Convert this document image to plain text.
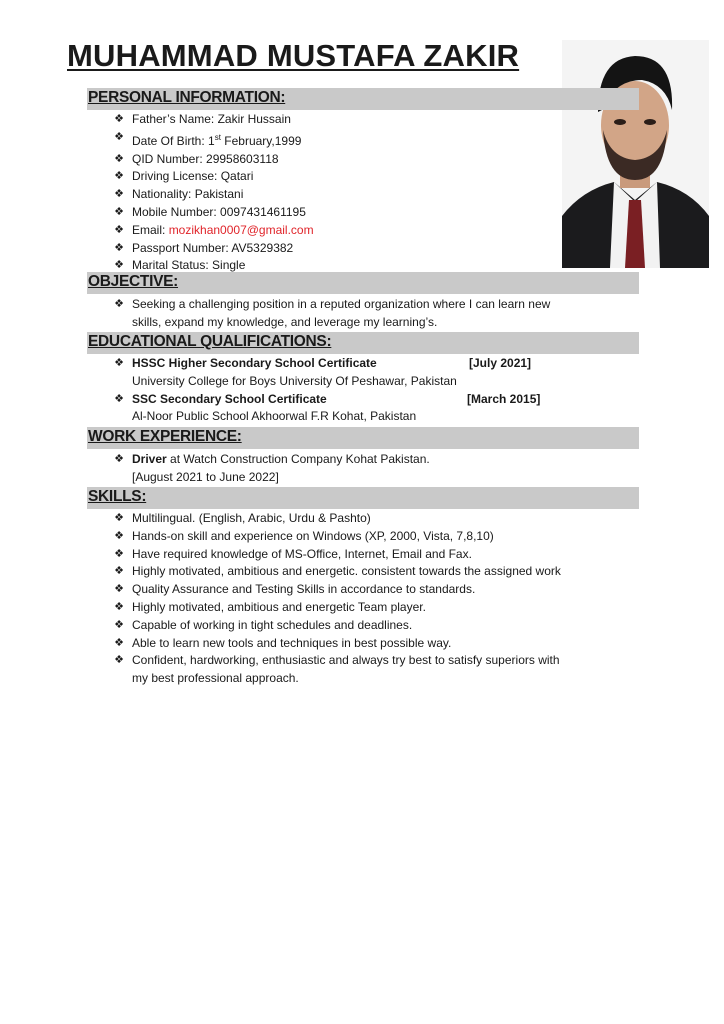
MUHAMMAD MUSTAFA ZAKIR
PERSONAL INFORMATION:
❖ Father’s Name: Zakir Hussain
❖ Date Of Birth: 1st February,1999
❖ QID Number: 29958603118
❖ Driving License: Qatari
❖ Nationality: Pakistani
❖ Mobile Number: 0097431461195
❖ Email: mozikhan0007@gmail.com
❖ Passport Number: AV5329382
❖ Marital Status: Single
OBJECTIVE:
❖ Seeking a challenging position in a reputed organization where I can learn new
skills, expand my knowledge, and leverage my learning’s.
EDUCATIONAL QUALIFICATIONS:
❖ HSSC Higher Secondary School Certificate	[July 2021]
University College for Boys University Of Peshawar, Pakistan
❖ SSC Secondary School Certificate	[March 2015]
Al-Noor Public School Akhoorwal F.R Kohat, Pakistan
WORK EXPERIENCE:
❖ Driver at Watch Construction Company Kohat Pakistan.
[August 2021 to June 2022]
SKILLS:
❖ Multilingual. (English, Arabic, Urdu & Pashto)
❖ Hands-on skill and experience on Windows (XP, 2000, Vista, 7,8,10)
❖ Have required knowledge of MS-Office, Internet, Email and Fax.
❖ Highly motivated, ambitious and energetic. consistent towards the assigned work
❖ Quality Assurance and Testing Skills in accordance to standards.
❖ Highly motivated, ambitious and energetic Team player.
❖ Capable of working in tight schedules and deadlines.
❖ Able to learn new tools and techniques in best possible way.
❖ Confident, hardworking, enthusiastic and always try best to satisfy superiors with
my best professional approach.
